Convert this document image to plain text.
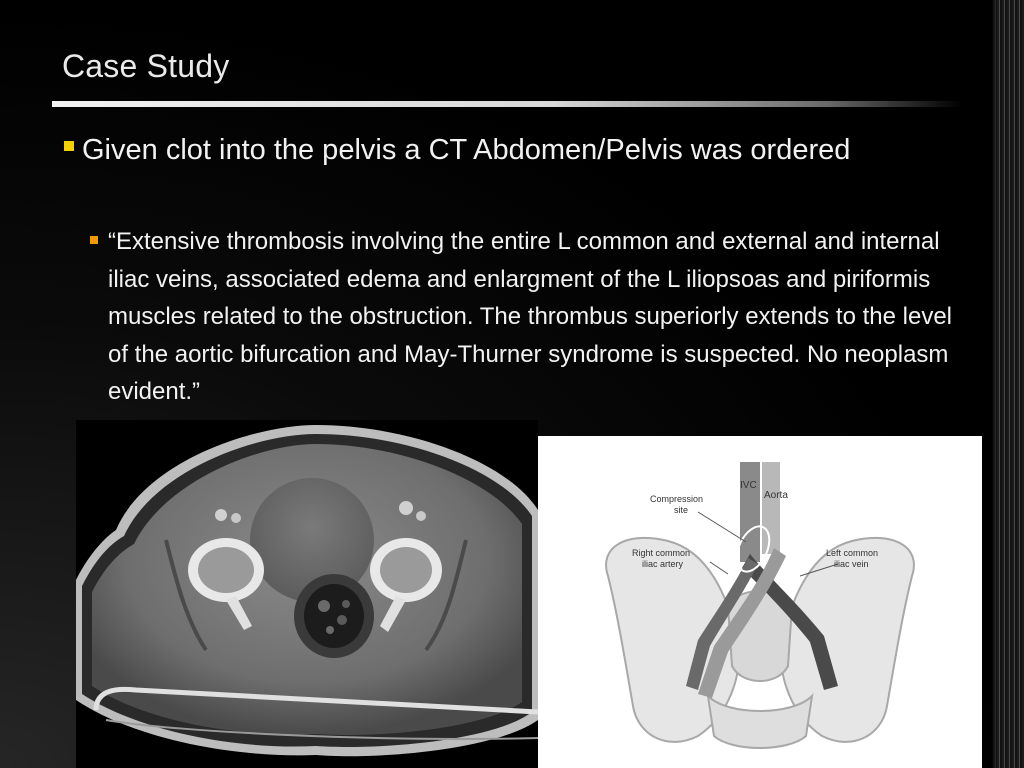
Case Study
Given clot into the pelvis a CT Abdomen/Pelvis was ordered
“Extensive thrombosis involving the entire L common and external and internal iliac veins, associated edema and enlargment of the L iliopsoas and piriformis muscles related to the obstruction. The thrombus superiorly extends to the level of the aortic bifurcation and May-Thurner syndrome is suspected. No neoplasm evident.”
IVC
Aorta
Compression
site
Right common
iliac artery
Left common
iliac vein
